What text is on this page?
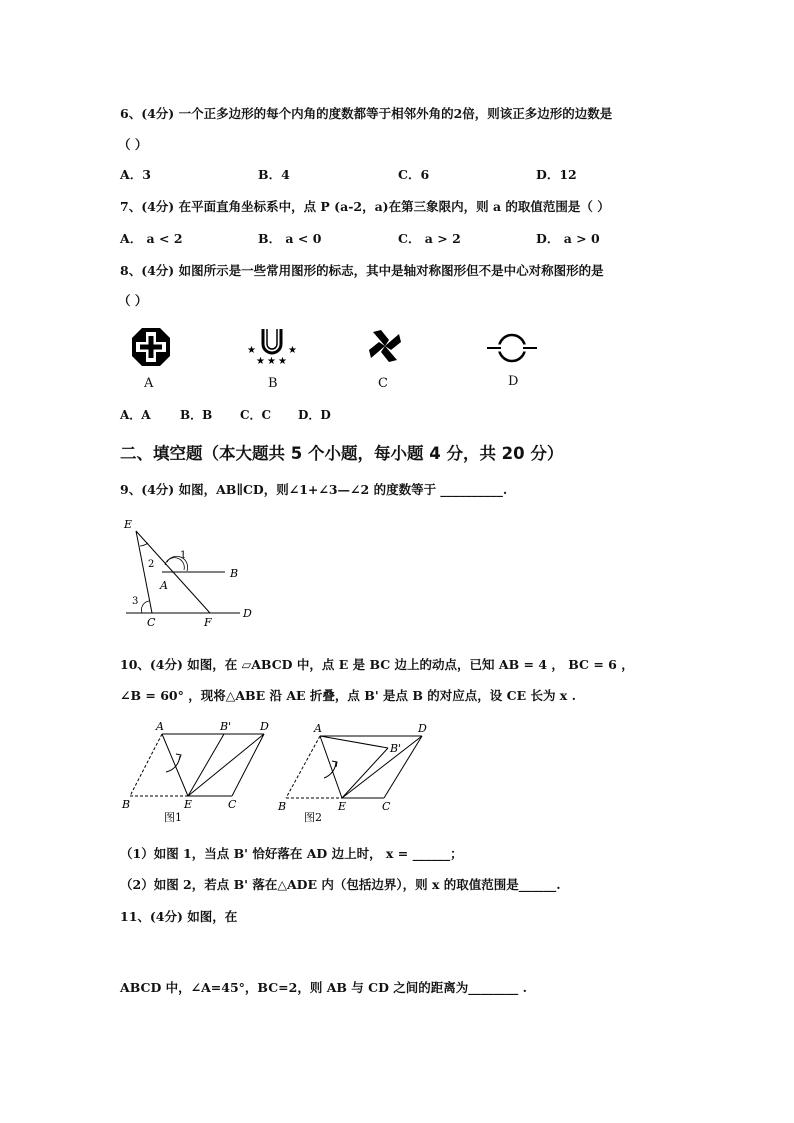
6、(4分) 一个正多边形的每个内角的度数都等于相邻外角的2倍，则该正多边形的边数是
（ ）
A．3	B．4	C．6	D．12
7、(4分) 在平面直角坐标系中，点 P (a-2，a)在第三象限内，则 a 的取值范围是（ ）
A． a < 2	B． a < 0	C． a > 2	D． a > 0
8、(4分) 如图所示是一些常用图形的标志，其中是轴对称图形但不是中心对称图形的是
（ ）
★	★
★ ★ ★
A	B	C	D
A．A B．B C．C D．D
二、填空题（本大题共 5 个小题，每小题 4 分，共 20 分）
9、(4分) 如图，AB∥CD，则∠1+∠3—∠2 的度数等于 __________.
E
B
A
C	F
D
1
2
3
10、(4分) 如图，在 ▱ABCD 中，点 E 是 BC 边上的动点，已知 AB = 4 ， BC = 6 ，
∠B = 60° ，现将△ABE 沿 AE 折叠，点 B' 是点 B 的对应点，设 CE 长为 x .
A	B'	D
B	E	C
图1
A
B'
D
B	E	C
图2
（1）如图 1，当点 B' 恰好落在 AD 边上时， x = ______；
（2）如图 2，若点 B' 落在△ADE 内（包括边界），则 x 的取值范围是______.
11、(4分) 如图，在
ABCD 中，∠A=45°，BC=2，则 AB 与 CD 之间的距离为________ .
